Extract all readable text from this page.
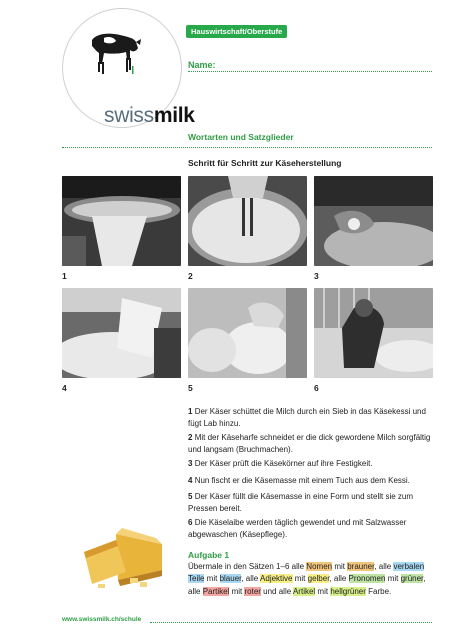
swissmilk
Hauswirtschaft/Oberstufe
Name:
Wortarten und Satzglieder
Schritt für Schritt zur Käseherstellung
1	2	3
4	5	6

1 Der Käser schüttet die Milch durch ein Sieb in das Käsekessi und fügt Lab hinzu.

2 Mit der Käseharfe schneidet er die dick gewordene Milch sorgfältig und langsam (Bruchmachen).

3 Der Käser prüft die Käsekörner auf ihre Festigkeit.

4 Nun fischt er die Käsemasse mit einem Tuch aus dem Kessi.

5 Der Käser füllt die Käsemasse in eine Form und stellt sie zum Pressen bereit.

6 Die Käselaibe werden täglich gewendet und mit Salzwasser abgewaschen (Käsepflege).

Aufgabe 1

Übermale in den Sätzen 1–6 alle Nomen mit brauner, alle verbalen Teile mit blauer, alle Adjektive mit gelber, alle Pronomen mit grüner, alle Partikel mit roter und alle Artikel mit hellgrüner Farbe.

www.swissmilk.ch/schule
